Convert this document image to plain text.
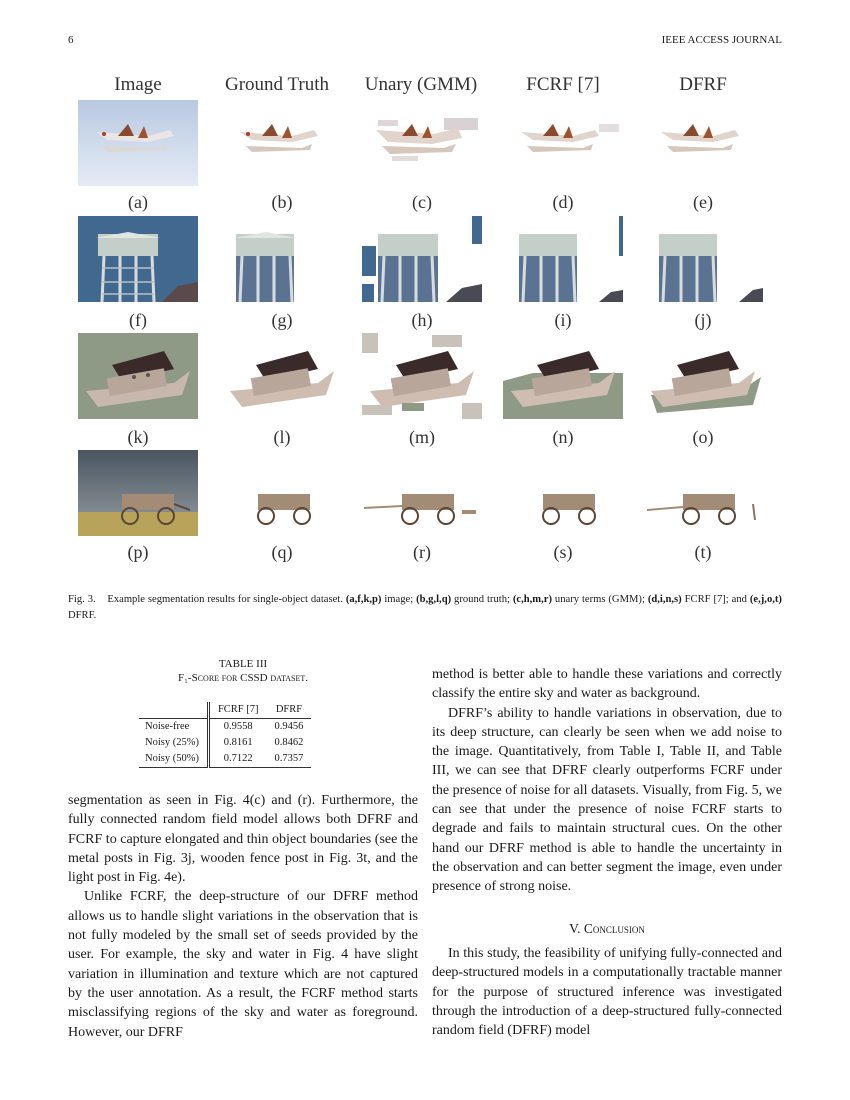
6	IEEE ACCESS JOURNAL
Image	Ground Truth	Unary (GMM)	FCRF [7]	DFRF
(a)	(b)	(c)	(d)	(e)
(f)	(g)	(h)	(i)	(j)
(k)	(l)	(m)	(n)	(o)
(p)	(q)	(r)	(s)	(t)
Fig. 3. Example segmentation results for single-object dataset. (a,f,k,p) image; (b,g,l,q) ground truth; (c,h,m,r) unary terms (GMM); (d,i,n,s) FCRF [7]; and (e,j,o,t) DFRF.
TABLE III
F₁-Score for CSSD dataset.
		FCRF [7]	DFRF
Noise-free		0.9558	0.9456
Noisy (25%)		0.8161	0.8462
Noisy (50%)		0.7122	0.7357

segmentation as seen in Fig. 4(c) and (r). Furthermore, the fully connected random field model allows both DFRF and FCRF to capture elongated and thin object boundaries (see the metal posts in Fig. 3j, wooden fence post in Fig. 3t, and the light post in Fig. 4e).

Unlike FCRF, the deep-structure of our DFRF method allows us to handle slight variations in the observation that is not fully modeled by the small set of seeds provided by the user. For example, the sky and water in Fig. 4 have slight variation in illumination and texture which are not captured by the user annotation. As a result, the FCRF method starts misclassifying regions of the sky and water as foreground. However, our DFRF

method is better able to handle these variations and correctly classify the entire sky and water as background.

DFRF’s ability to handle variations in observation, due to its deep structure, can clearly be seen when we add noise to the image. Quantitatively, from Table I, Table II, and Table III, we can see that DFRF clearly outperforms FCRF under the presence of noise for all datasets. Visually, from Fig. 5, we can see that under the presence of noise FCRF starts to degrade and fails to maintain structural cues. On the other hand our DFRF method is able to handle the uncertainty in the observation and can better segment the image, even under presence of strong noise.

V. Conclusion

In this study, the feasibility of unifying fully-connected and deep-structured models in a computationally tractable manner for the purpose of structured inference was investigated through the introduction of a deep-structured fully-connected random field (DFRF) model
